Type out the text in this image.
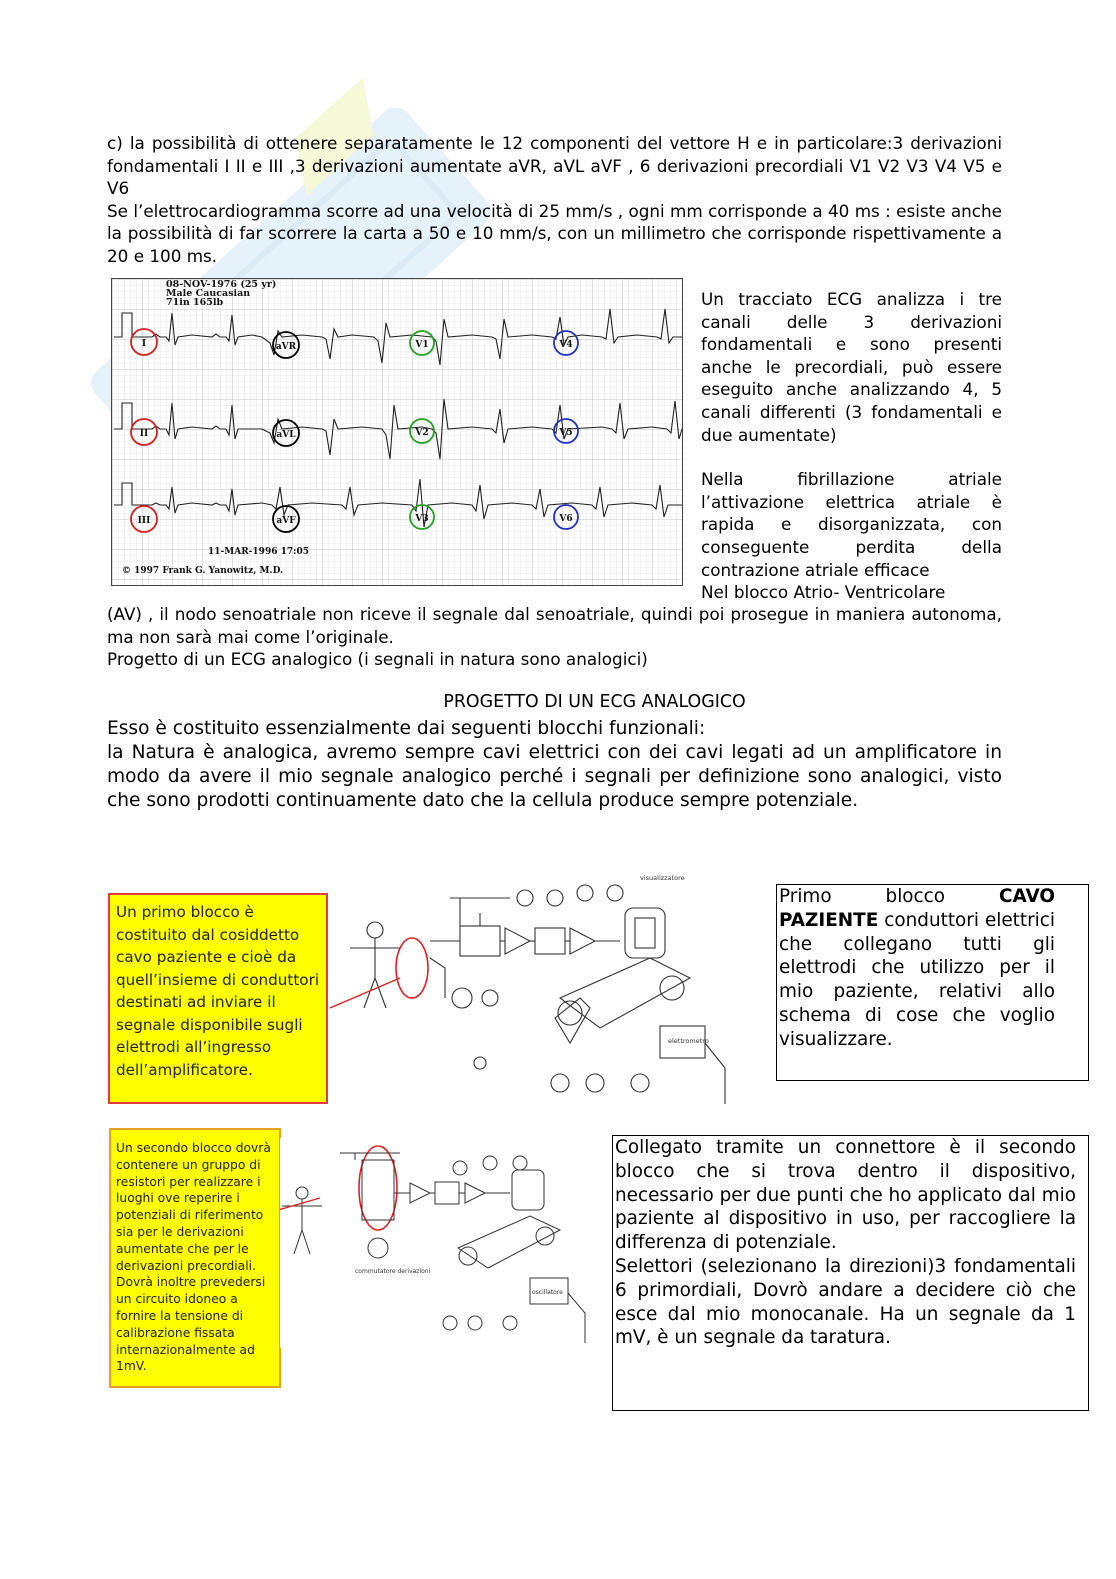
c) la possibilità di ottenere separatamente le 12 componenti del vettore H e in particolare:3 derivazioni fondamentali I II e III ,3 derivazioni aumentate aVR, aVL aVF , 6 derivazioni precordiali V1 V2 V3 V4 V5 e V6
Se l’elettrocardiogramma scorre ad una velocità di 25 mm/s , ogni mm corrisponde a 40 ms : esiste anche la possibilità di far scorrere la carta a 50 e 10 mm/s, con un millimetro che corrisponde rispettivamente a 20 e 100 ms.
08-NOV-1976 (25 yr)
Male Caucasian
71in 165lb
I
II
III
aVR
aVL
aVF
V1
V2
V3
V4
V5
V6
11-MAR-1996 17:05
© 1997 Frank G. Yanowitz, M.D.

Un tracciato ECG analizza i tre canali delle 3 derivazioni fondamentali e sono presenti anche le precordiali, può essere eseguito anche analizzando 4, 5 canali differenti (3 fondamentali e due aumentate)

Nella fibrillazione atriale l’attivazione elettrica atriale è rapida e disorganizzata, con conseguente perdita della contrazione atriale efficace

Nel blocco Atrio- Ventricolare

(AV) , il nodo senoatriale non riceve il segnale dal senoatriale, quindi poi prosegue in maniera autonoma, ma non sarà mai come l’originale.
Progetto di un ECG analogico (i segnali in natura sono analogici)
PROGETTO DI UN ECG ANALOGICO
Esso è costituito essenzialmente dai seguenti blocchi funzionali:
la Natura è analogica, avremo sempre cavi elettrici con dei cavi legati ad un amplificatore in modo da avere il mio segnale analogico perché i segnali per definizione sono analogici, visto che sono prodotti continuamente dato che la cellula produce sempre potenziale.
Un primo blocco è costituito dal cosiddetto cavo paziente e cioè da quell’insieme di conduttori destinati ad inviare il segnale disponibile sugli elettrodi all’ingresso dell’amplificatore.
visualizzatore
elettrometro

Primo blocco CAVO PAZIENTE conduttori elettrici che collegano tutti gli elettrodi che utilizzo per il mio paziente, relativi allo schema di cose che voglio visualizzare.

Un secondo blocco dovrà contenere un gruppo di resistori per realizzare i luoghi ove reperire i potenziali di riferimento sia per le derivazioni aumentate che per le derivazioni precordiali. Dovrà inoltre prevedersi un circuito idoneo a fornire la tensione di calibrazione fissata internazionalmente ad 1mV.
commutatore derivazioni
oscillatore

Collegato tramite un connettore è il secondo blocco che si trova dentro il dispositivo, necessario per due punti che ho applicato dal mio paziente al dispositivo in uso, per raccogliere la differenza di potenziale.

Selettori (selezionano la direzioni)3 fondamentali 6 primordiali, Dovrò andare a decidere ciò che esce dal mio monocanale. Ha un segnale da 1 mV, è un segnale da taratura.
